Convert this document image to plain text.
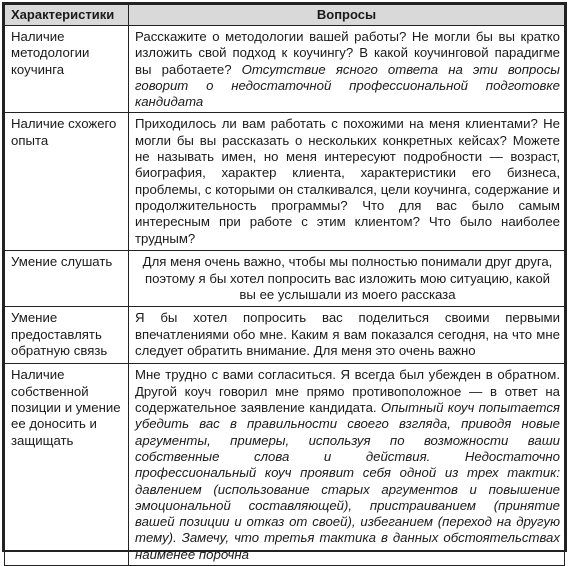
Характеристики	Вопросы
Наличие методологии коучинга	Расскажите о методологии вашей работы? Не могли бы вы кратко изложить свой подход к коучингу? В какой коучинговой парадигме вы работаете? Отсутствие ясного ответа на эти вопросы говорит о недостаточной профессиональной подготовке кандидата
Наличие схожего опыта	Приходилось ли вам работать с похожими на меня клиентами? Не могли бы вы рассказать о нескольких конкретных кейсах? Можете не называть имен, но меня интересуют подробности — возраст, биография, характер клиента, характеристики его бизнеса, проблемы, с которыми он сталкивался, цели коучинга, содержание и продолжительность программы? Что для вас было самым интересным при работе с этим клиентом? Что было наиболее трудным?
Умение слушать	Для меня очень важно, чтобы мы полностью понимали друг друга, поэтому я бы хотел попросить вас изложить мою ситуацию, какой вы ее услышали из моего рассказа
Умение предоставлять обратную связь	Я бы хотел попросить вас поделиться своими первыми впечатлениями обо мне. Каким я вам показался сегодня, на что мне следует обратить внимание. Для меня это очень важно
Наличие собственной позиции и умение ее доносить и защищать	Мне трудно с вами согласиться. Я всегда был убежден в обратном. Другой коуч говорил мне прямо противоположное — в ответ на содержательное заявление кандидата. Опытный коуч попытается убедить вас в правильности своего взгляда, приводя новые аргументы, примеры, используя по возможности ваши собственные слова и действия. Недостаточно профессиональный коуч проявит себя одной из трех тактик: давлением (использование старых аргументов и повышение эмоциональной составляющей), пристраиванием (принятие вашей позиции и отказ от своей), избеганием (переход на другую тему). Замечу, что третья тактика в данных обстоятельствах наименее порочна
